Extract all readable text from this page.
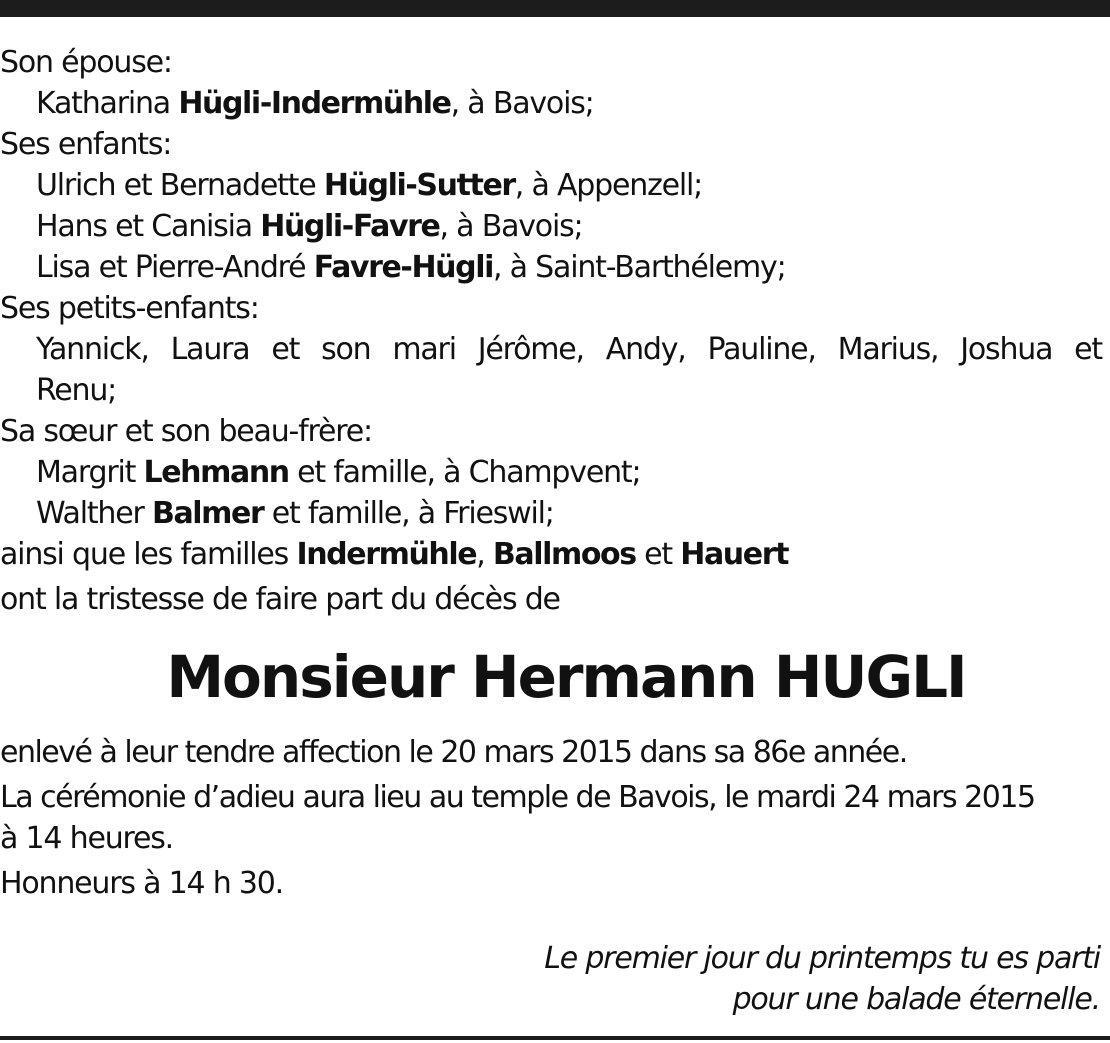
Son épouse:
Katharina Hügli-Indermühle, à Bavois;
Ses enfants:
Ulrich et Bernadette Hügli-Sutter, à Appenzell;
Hans et Canisia Hügli-Favre, à Bavois;
Lisa et Pierre-André Favre-Hügli, à Saint-Barthélemy;
Ses petits-enfants:
Yannick, Laura et son mari Jérôme, Andy, Pauline, Marius, Joshua et
Renu;
Sa sœur et son beau-frère:
Margrit Lehmann et famille, à Champvent;
Walther Balmer et famille, à Frieswil;
ainsi que les familles Indermühle, Ballmoos et Hauert
ont la tristesse de faire part du décès de
Monsieur Hermann HUGLI
enlevé à leur tendre affection le 20 mars 2015 dans sa 86e année.
La cérémonie d’adieu aura lieu au temple de Bavois, le mardi 24 mars 2015
à 14 heures.
Honneurs à 14 h 30.
Le premier jour du printemps tu es parti
pour une balade éternelle.
